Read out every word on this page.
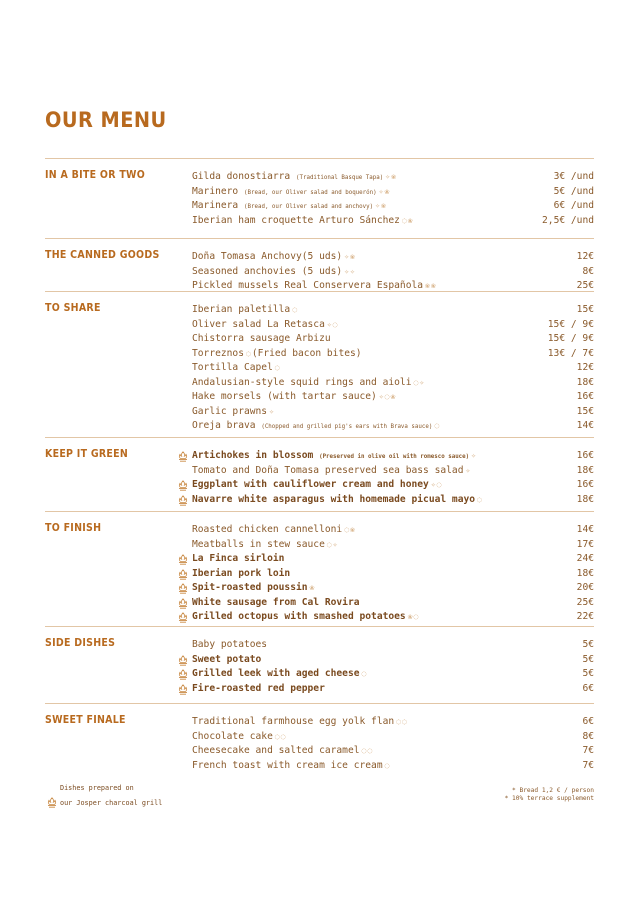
OUR MENU
IN A BITE OR TWO	Gilda donostiarra (Traditional Basque Tapa) ✧❀	3€ /und
Marinero (Bread, our Oliver salad and boquerón) ✧❀	5€ /und
Marinera (Bread, our Oliver salad and anchovy) ✧❀	6€ /und
Iberian ham croquette Arturo Sánchez ◌❀	2,5€ /und
THE CANNED GOODS	Doña Tomasa Anchovy(5 uds) ✧❀	12€
Seasoned anchovies (5 uds) ✧✧	8€
Pickled mussels Real Conservera Española ❀❀	25€
TO SHARE	Iberian paletilla ◌	15€
Oliver salad La Retasca ✧◌	15€ / 9€
Chistorra sausage Arbizu	15€ / 9€
Torreznos ◌(Fried bacon bites)	13€ / 7€
Tortilla Capel ◌	12€
Andalusian-style squid rings and aioli ◌✧	18€
Hake morsels (with tartar sauce) ✧◌❀	16€
Garlic prawns ✧	15€
Oreja brava (Chopped and grilled pig's ears with Brava sauce) ◌	14€
KEEP IT GREEN	Artichokes in blossom (Preserved in olive oil with romesco sauce) ✧	16€
Tomato and Doña Tomasa preserved sea bass salad ✧	18€
Eggplant with cauliflower cream and honey ✧◌	16€
Navarre white asparagus with homemade picual mayo ◌	18€
TO FINISH	Roasted chicken cannelloni ◌❀	14€
Meatballs in stew sauce ◌✧	17€
La Finca sirloin	24€
Iberian pork loin	18€
Spit-roasted poussin ❀	20€
White sausage from Cal Rovira	25€
Grilled octopus with smashed potatoes ❀◌	22€
SIDE DISHES	Baby potatoes	5€
Sweet potato	5€
Grilled leek with aged cheese ◌	5€
Fire-roasted red pepper	6€
SWEET FINALE	Traditional farmhouse egg yolk flan ◌◌	6€
Chocolate cake ◌◌	8€
Cheesecake and salted caramel ◌◌	7€
French toast with cream ice cream ◌	7€
Dishes prepared on
our Josper charcoal grill
* Bread 1,2 € / person
* 10% terrace supplement
